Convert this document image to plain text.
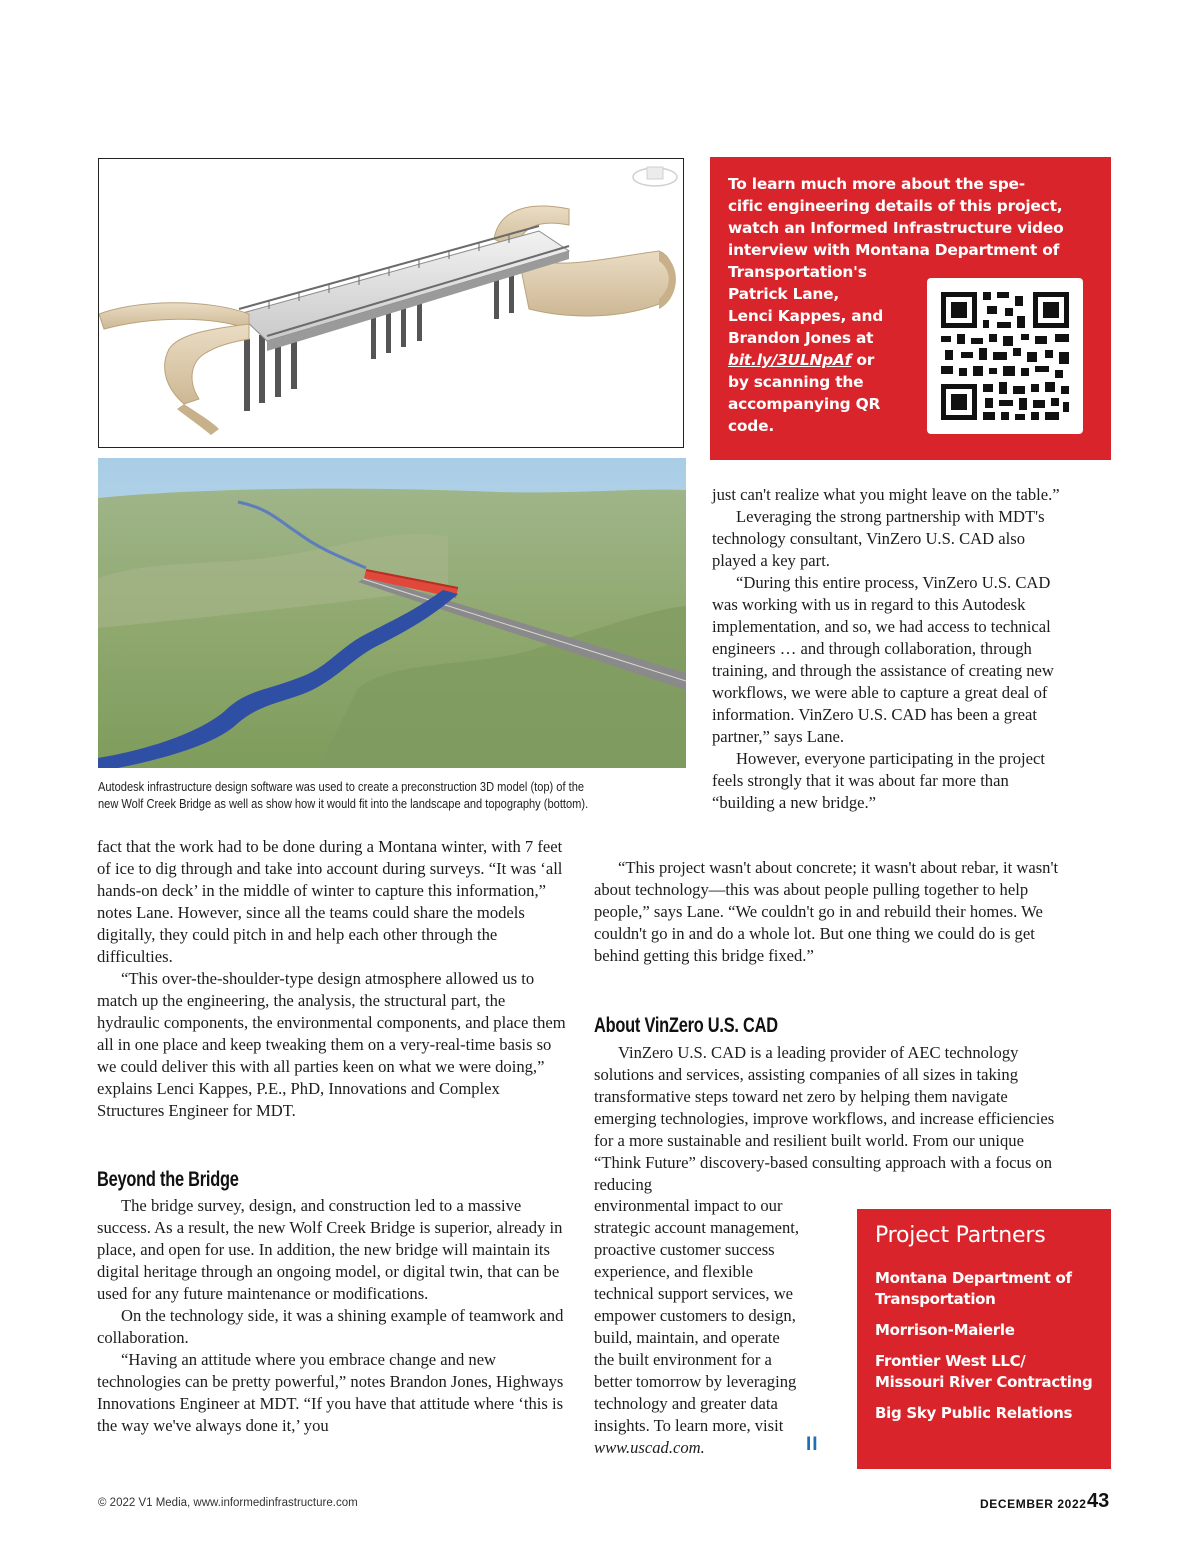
Autodesk infrastructure design software was used to create a preconstruction 3D model (top) of the
new Wolf Creek Bridge as well as show how it would fit into the landscape and topography (bottom).
To learn much more about the spe-
cific engineering details of this project,
watch an Informed Infrastructure video
interview with Montana Department of
Transportation's
Patrick Lane,
Lenci Kappes, and
Brandon Jones at
bit.ly/3ULNpAf or
by scanning the
accompanying QR
code.

just can't realize what you might leave on the table.”

Leveraging the strong partnership with MDT's technology consultant, VinZero U.S. CAD also played a key part.

“During this entire process, VinZero U.S. CAD was working with us in regard to this Autodesk implementation, and so, we had access to technical engineers … and through collaboration, through training, and through the assistance of creating new workflows, we were able to capture a great deal of information. VinZero U.S. CAD has been a great partner,” says Lane.

However, everyone participating in the project feels strongly that it was about far more than “building a new bridge.”

“This project wasn't about concrete; it wasn't about rebar, it wasn't about technology—this was about people pulling together to help people,” says Lane. “We couldn't go in and rebuild their homes. We couldn't go in and do a whole lot. But one thing we could do is get behind getting this bridge fixed.”

About VinZero U.S. CAD

VinZero U.S. CAD is a leading provider of AEC technology solutions and services, assisting companies of all sizes in taking transformative steps toward net zero by helping them navigate emerging technologies, improve workflows, and increase efficiencies for a more sustainable and resilient built world. From our unique “Think Future” discovery-based consulting approach with a focus on reducing

environmental impact to our
strategic account management,
proactive customer success
experience, and flexible
technical support services, we
empower customers to design,
build, maintain, and operate
the built environment for a
better tomorrow by leveraging
technology and greater data
insights. To learn more, visit
www.uscad.com.	II

fact that the work had to be done during a Montana winter, with 7 feet of ice to dig through and take into account during surveys. “It was ‘all hands-on deck’ in the middle of winter to capture this information,” notes Lane. However, since all the teams could share the models digitally, they could pitch in and help each other through the difficulties.

“This over-the-shoulder-type design atmosphere allowed us to match up the engineering, the analysis, the structural part, the hydraulic components, the environmental components, and place them all in one place and keep tweaking them on a very-real-time basis so we could deliver this with all parties keen on what we were doing,” explains Lenci Kappes, P.E., PhD, Innovations and Complex Structures Engineer for MDT.

Beyond the Bridge

The bridge survey, design, and construction led to a massive success. As a result, the new Wolf Creek Bridge is superior, already in place, and open for use. In addition, the new bridge will maintain its digital heritage through an ongoing model, or digital twin, that can be used for any future maintenance or modifications.

On the technology side, it was a shining example of teamwork and collaboration.

“Having an attitude where you embrace change and new technologies can be pretty powerful,” notes Brandon Jones, Highways Innovations Engineer at MDT. “If you have that attitude where ‘this is the way we've always done it,’ you

Project Partners
Montana Department of Transportation
Morrison-Maierle
Frontier West LLC/ Missouri River Contracting
Big Sky Public Relations
© 2022 V1 Media, www.informedinfrastructure.com	DECEMBER 2022 43
